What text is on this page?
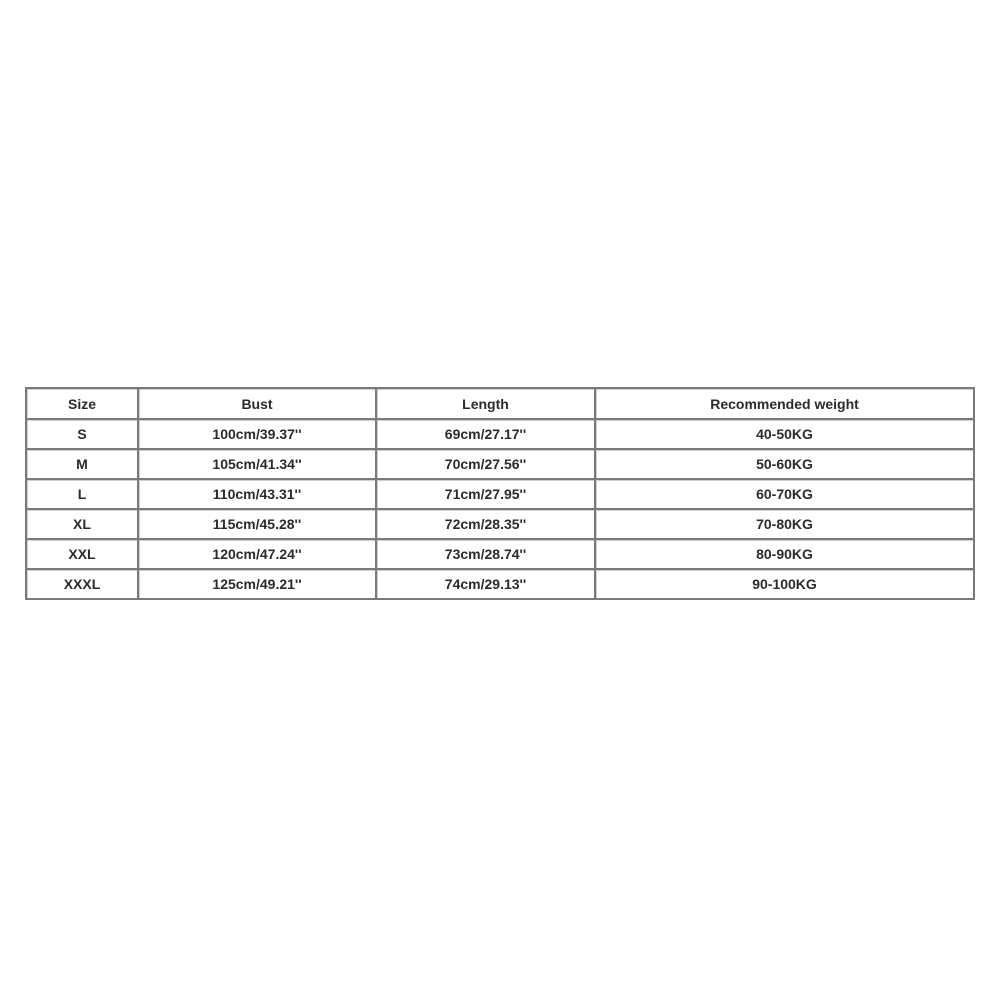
Size	Bust	Length	Recommended weight
S	100cm/39.37''	69cm/27.17''	40-50KG
M	105cm/41.34''	70cm/27.56''	50-60KG
L	110cm/43.31''	71cm/27.95''	60-70KG
XL	115cm/45.28''	72cm/28.35''	70-80KG
XXL	120cm/47.24''	73cm/28.74''	80-90KG
XXXL	125cm/49.21''	74cm/29.13''	90-100KG
